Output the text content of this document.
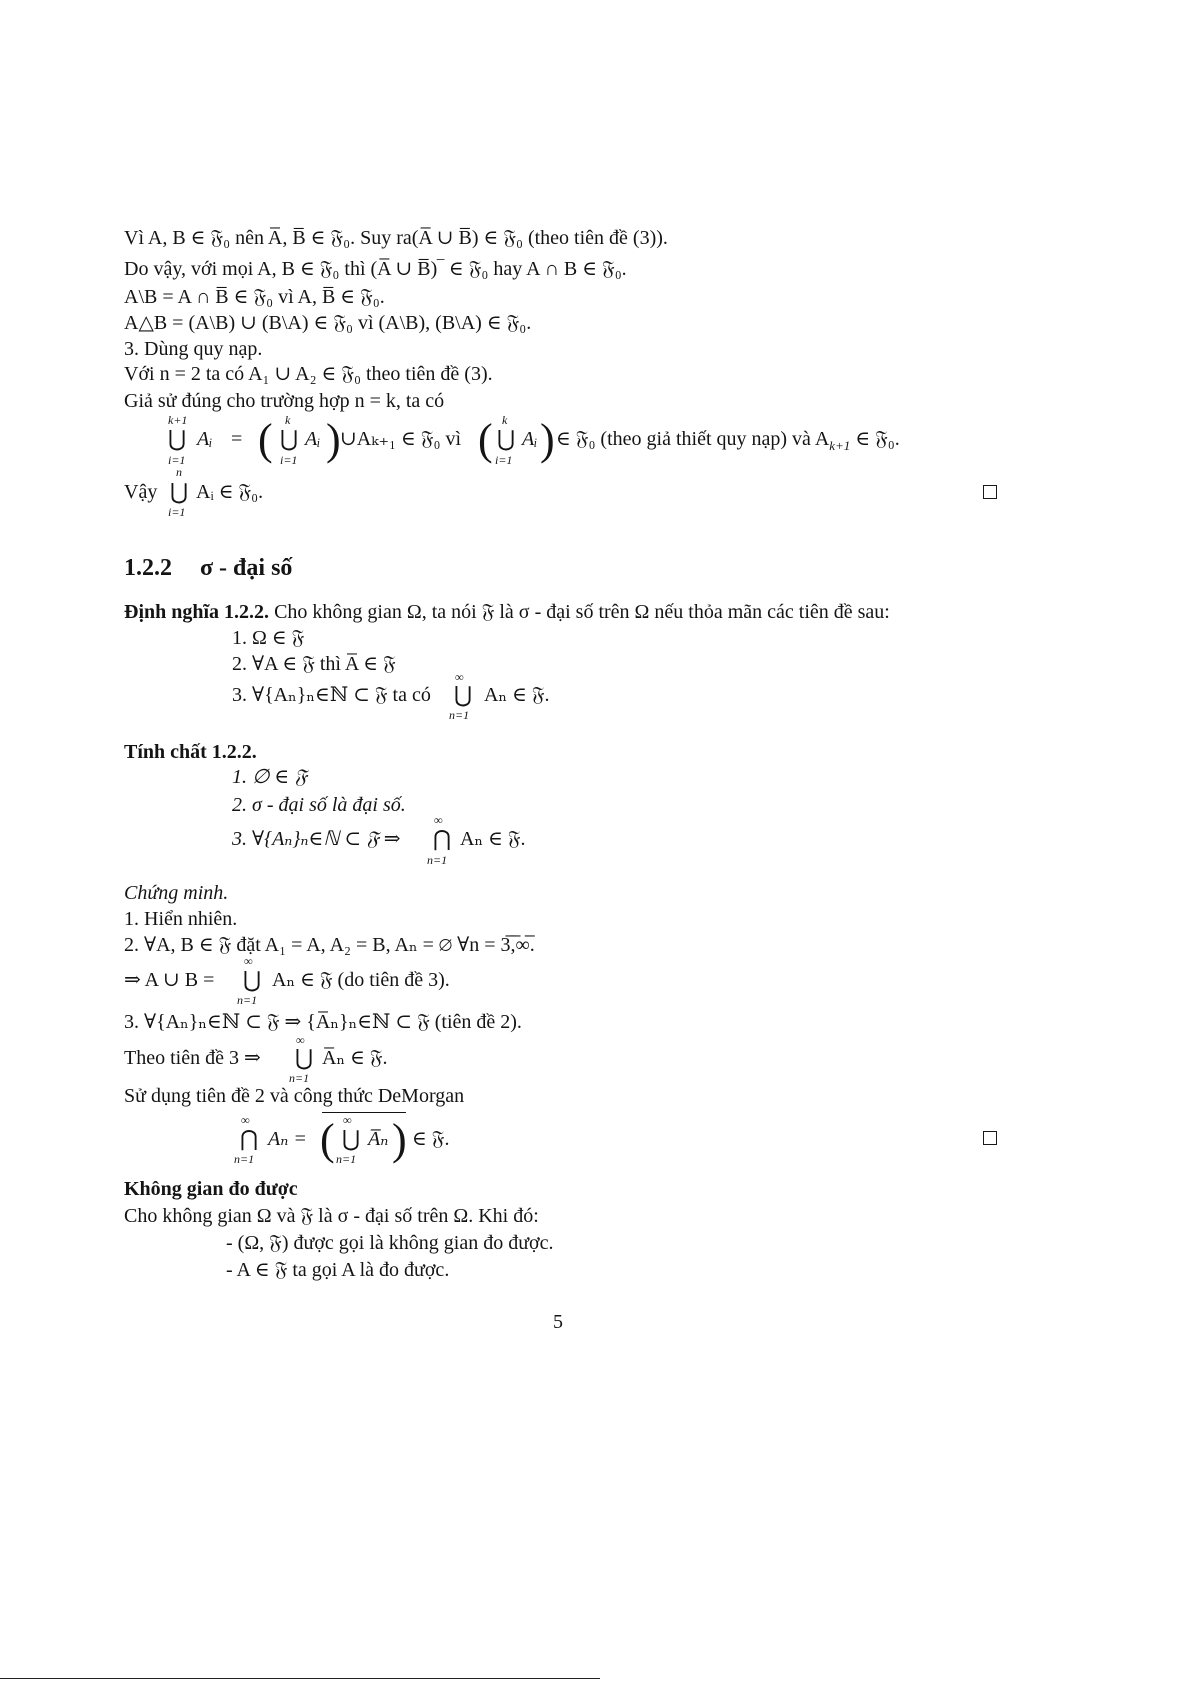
Vì A, B ∈ 𝔉₀ nên A̅, B̅ ∈ 𝔉₀. Suy ra(A̅ ∪ B̅) ∈ 𝔉₀ (theo tiên đề (3)).
Do vậy, với mọi A, B ∈ 𝔉₀ thì (A̅ ∪ B̅)‾ ∈ 𝔉₀ hay A ∩ B ∈ 𝔉₀.
A\B = A ∩ B̅ ∈ 𝔉₀ vì A, B̅ ∈ 𝔉₀.
A△B = (A\B) ∪ (B\A) ∈ 𝔉₀ vì (A\B), (B\A) ∈ 𝔉₀.
3. Dùng quy nạp.
Với n = 2 ta có A₁ ∪ A₂ ∈ 𝔉₀ theo tiên đề (3).
Giả sử đúng cho trường hợp n = k, ta có
k+1
⋃
i=1
Aᵢ = ( k
⋃
i=1
Aᵢ ) ∪Aₖ₊₁ ∈ 𝔉₀ vì ( k
⋃
i=1
Aᵢ ) ∈ 𝔉₀ (theo giả thiết quy nạp) và $A_{k+1}$ ∈ 𝔉₀.
Vậy
n
⋃
i=1
Aᵢ ∈ 𝔉₀.
1.2.2 σ - đại số
Định nghĩa 1.2.2. Cho không gian Ω, ta nói 𝔉 là σ - đại số trên Ω nếu thỏa mãn các tiên đề sau:
1. Ω ∈ 𝔉
2. ∀A ∈ 𝔉 thì A̅ ∈ 𝔉
3. ∀{Aₙ}ₙ∈ℕ ⊂ 𝔉 ta có
∞
⋃
n=1
Aₙ ∈ 𝔉.
Tính chất 1.2.2.
1. ∅ ∈ 𝔉
2. σ - đại số là đại số.
3. ∀{Aₙ}ₙ∈ℕ ⊂ 𝔉 ⇒
∞
⋂
n=1
Aₙ ∈ 𝔉.
Chứng minh.
1. Hiển nhiên.
2. ∀A, B ∈ 𝔉 đặt A₁ = A, A₂ = B, Aₙ = ∅ ∀n = 3̅,̅∞̅.
⇒ A ∪ B =
∞
⋃
n=1
Aₙ ∈ 𝔉 (do tiên đề 3).
3. ∀{Aₙ}ₙ∈ℕ ⊂ 𝔉 ⇒ {A̅ₙ}ₙ∈ℕ ⊂ 𝔉 (tiên đề 2).
Theo tiên đề 3 ⇒
∞
⋃
n=1
A̅ₙ ∈ 𝔉.
Sử dụng tiên đề 2 và công thức DeMorgan
∞
⋂
n=1
Aₙ = ( ∞
⋃
n=1
A̅ₙ ) ∈ 𝔉.
Không gian đo được
Cho không gian Ω và 𝔉 là σ - đại số trên Ω. Khi đó:
- (Ω, 𝔉) được gọi là không gian đo được.
- A ∈ 𝔉 ta gọi A là đo được.
5
